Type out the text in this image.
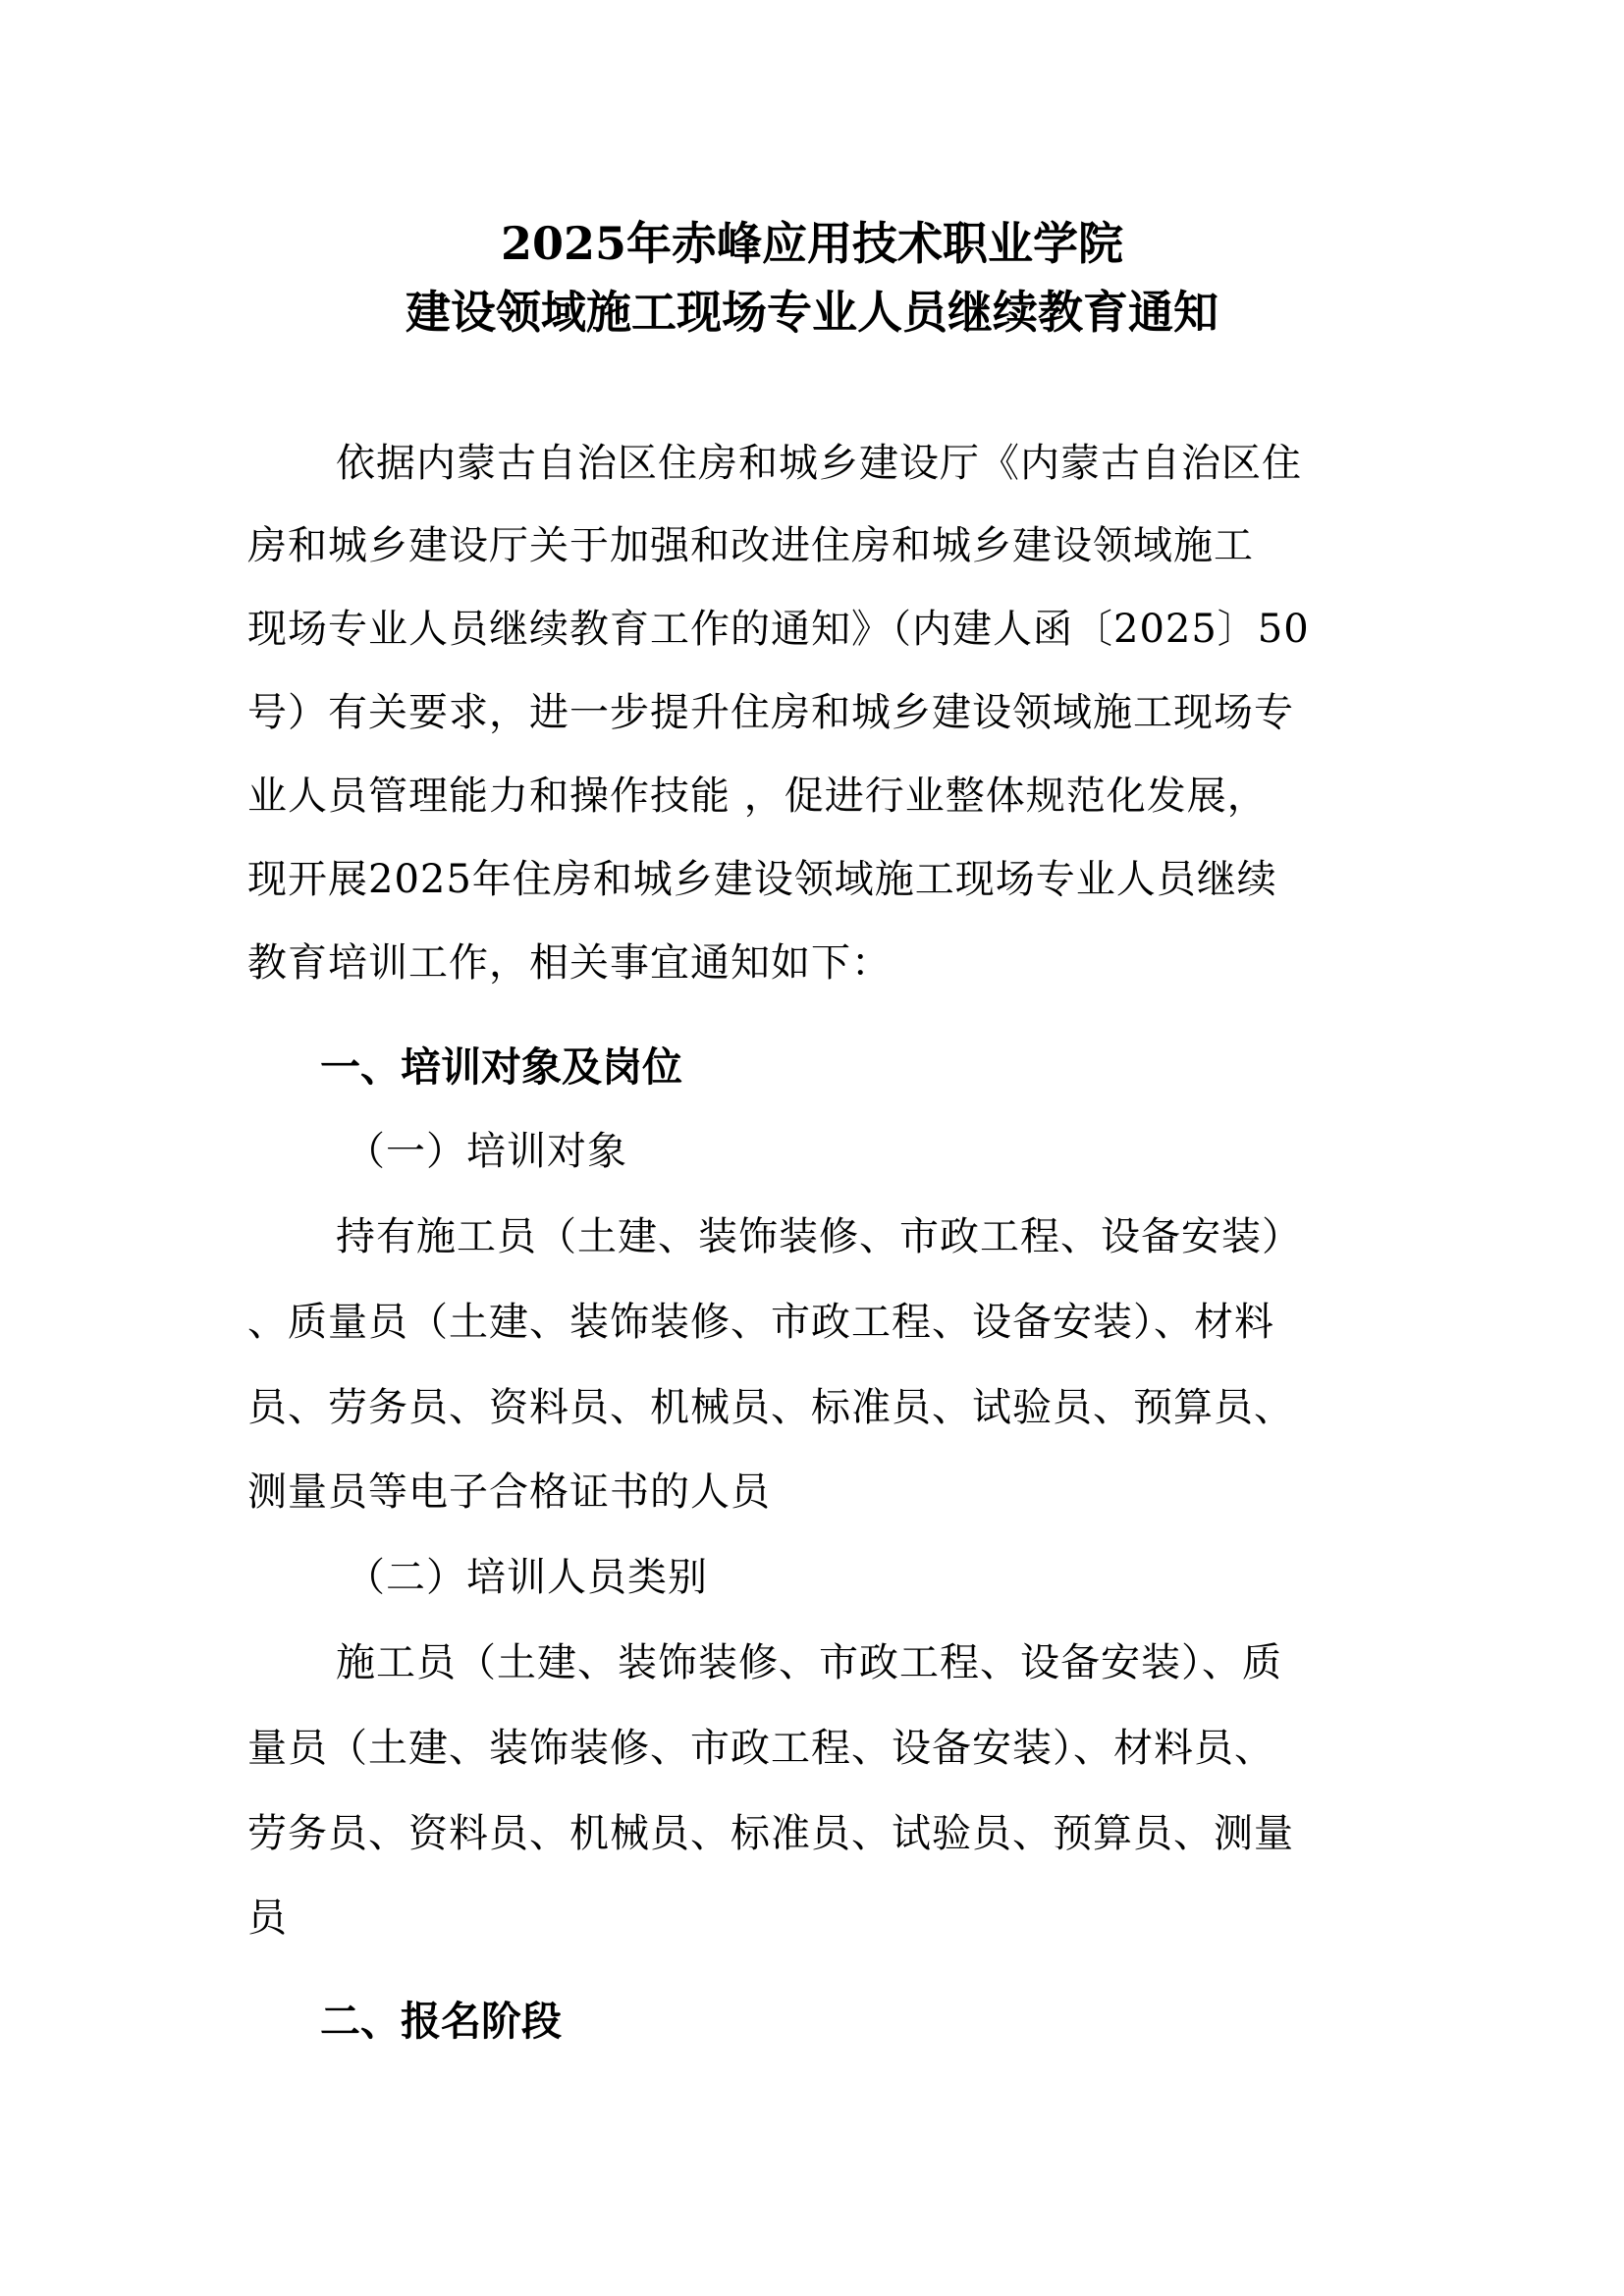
2025年赤峰应用技术职业学院
建设领域施工现场专业人员继续教育通知

依据内蒙古自治区住房和城乡建设厅《内蒙古自治区住

房和城乡建设厅关于加强和改进住房和城乡建设领域施工

现场专业人员继续教育工作的通知》（内建人函〔2025〕50

号）有关要求，进一步提升住房和城乡建设领域施工现场专

业人员管理能力和操作技能 ，促进行业整体规范化发展，

现开展2025年住房和城乡建设领域施工现场专业人员继续

教育培训工作，相关事宜通知如下：

一、培训对象及岗位

（一）培训对象

持有施工员（土建、装饰装修、市政工程、设备安装）

、质量员（土建、装饰装修、市政工程、设备安装）、材料

员、劳务员、资料员、机械员、标准员、试验员、预算员、

测量员等电子合格证书的人员

（二）培训人员类别

施工员（土建、装饰装修、市政工程、设备安装）、质

量员（土建、装饰装修、市政工程、设备安装）、材料员、

劳务员、资料员、机械员、标准员、试验员、预算员、测量

员

二、报名阶段
